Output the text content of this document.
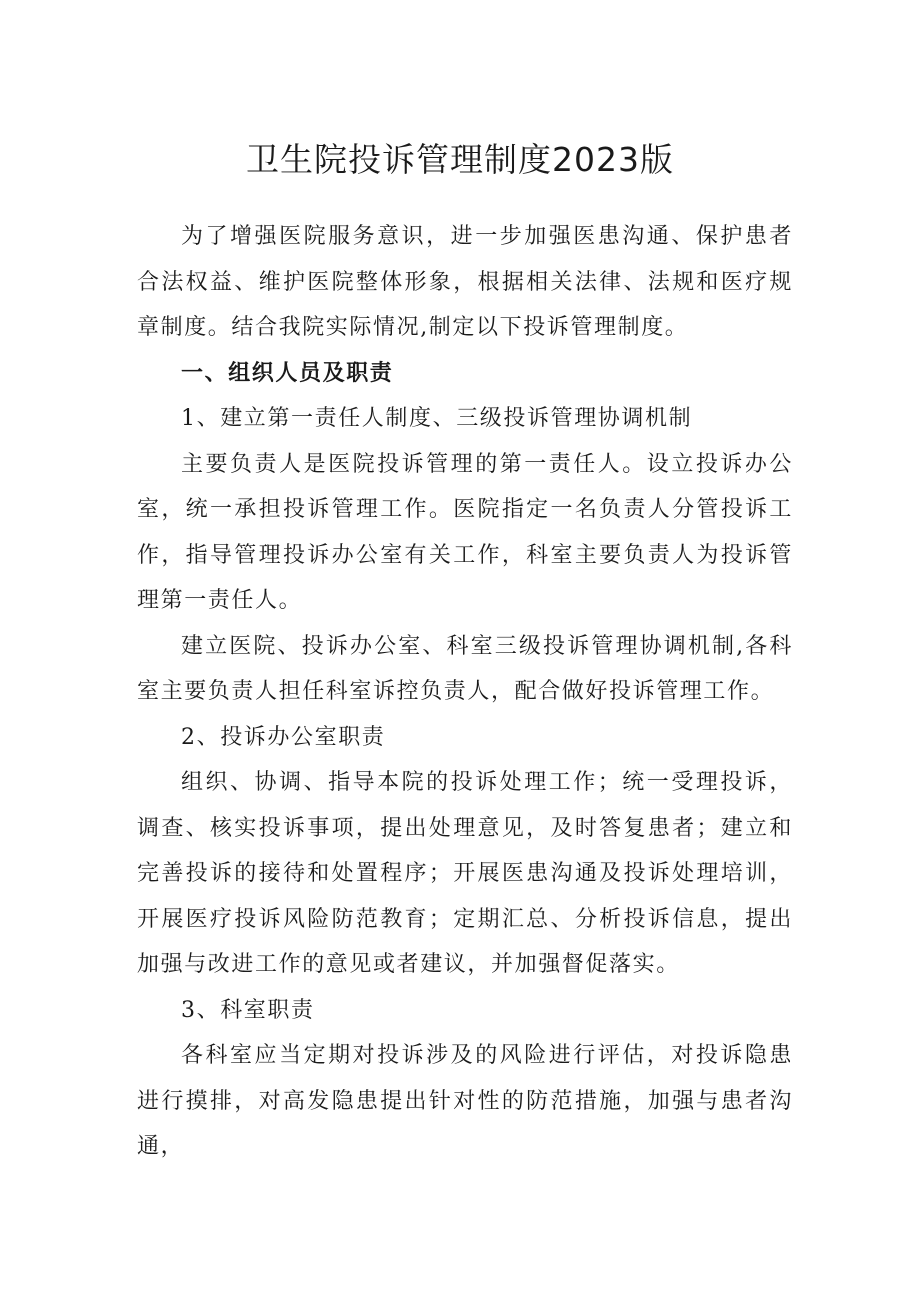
卫生院投诉管理制度2023版

为了增强医院服务意识，进一步加强医患沟通、保护患者合法权益、维护医院整体形象，根据相关法律、法规和医疗规章制度。结合我院实际情况,制定以下投诉管理制度。

一、组织人员及职责

1、建立第一责任人制度、三级投诉管理协调机制

主要负责人是医院投诉管理的第一责任人。设立投诉办公室，统一承担投诉管理工作。医院指定一名负责人分管投诉工作，指导管理投诉办公室有关工作，科室主要负责人为投诉管理第一责任人。

建立医院、投诉办公室、科室三级投诉管理协调机制,各科室主要负责人担任科室诉控负责人，配合做好投诉管理工作。

2、投诉办公室职责

组织、协调、指导本院的投诉处理工作；统一受理投诉，调查、核实投诉事项，提出处理意见，及时答复患者；建立和完善投诉的接待和处置程序；开展医患沟通及投诉处理培训，开展医疗投诉风险防范教育；定期汇总、分析投诉信息，提出加强与改进工作的意见或者建议，并加强督促落实。

3、科室职责

各科室应当定期对投诉涉及的风险进行评估，对投诉隐患进行摸排，对高发隐患提出针对性的防范措施，加强与患者沟通，
